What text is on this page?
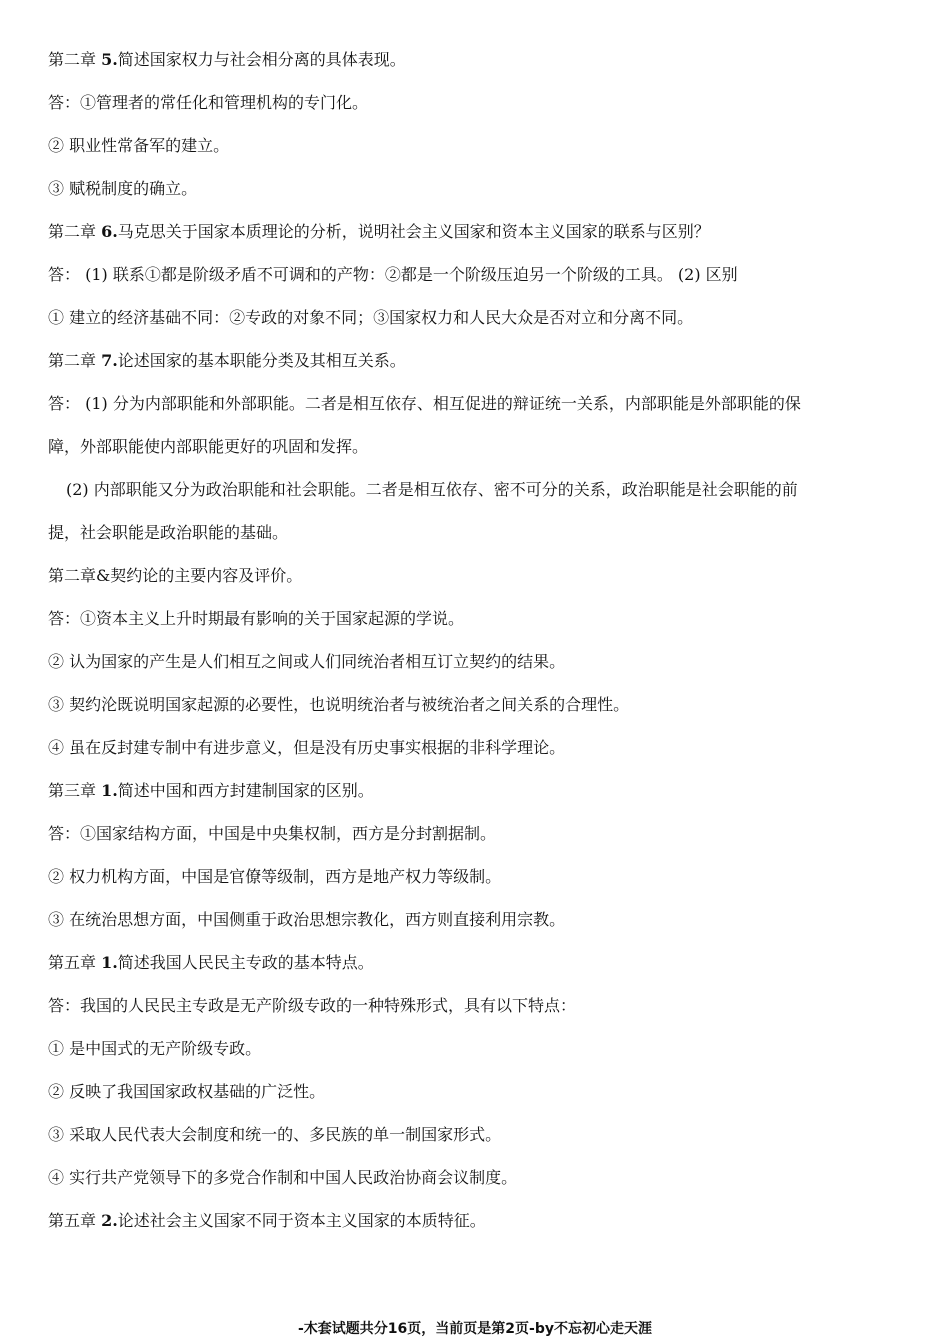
第二章 5.简述国家权力与社会相分离的具体表现。
答：①管理者的常任化和管理机构的专门化。
② 职业性常备军的建立。
③ 赋税制度的确立。
第二章 6.马克思关于国家本质理论的分析，说明社会主义国家和资本主义国家的联系与区别？
答： (1) 联系①都是阶级矛盾不可调和的产物：②都是一个阶级压迫另一个阶级的工具。 (2) 区别
① 建立的经济基础不同：②专政的对象不同；③国家权力和人民大众是否对立和分离不同。
第二章 7.论述国家的基本职能分类及其相互关系。
答： (1) 分为内部职能和外部职能。二者是相互依存、相互促进的辩证统一关系，内部职能是外部职能的保
障，外部职能使内部职能更好的巩固和发挥。
(2) 内部职能又分为政治职能和社会职能。二者是相互依存、密不可分的关系，政治职能是社会职能的前
提，社会职能是政治职能的基础。
第二章&契约论的主要内容及评价。
答：①资本主义上升时期最有影响的关于国家起源的学说。
② 认为国家的产生是人们相互之间或人们同统治者相互订立契约的结果。
③ 契约沦既说明国家起源的必要性，也说明统治者与被统治者之间关系的合理性。
④ 虽在反封建专制中有进步意义，但是没有历史事实根据的非科学理论。
第三章 1.简述中国和西方封建制国家的区别。
答：①国家结构方面，中国是中央集权制，西方是分封割据制。
② 权力机构方面，中国是官僚等级制，西方是地产权力等级制。
③ 在统治思想方面，中国侧重于政治思想宗教化，西方则直接利用宗教。
第五章 1.简述我国人民民主专政的基本特点。
答：我国的人民民主专政是无产阶级专政的一种特殊形式，具有以下特点：
① 是中国式的无产阶级专政。
② 反映了我国国家政权基础的广泛性。
③ 采取人民代表大会制度和统一的、多民族的单一制国家形式。
④ 实行共产党领导下的多党合作制和中国人民政治协商会议制度。
第五章 2.论述社会主义国家不同于资本主义国家的本质特征。
-木套试题共分16页，当前页是第2页-by不忘初心走天涯
